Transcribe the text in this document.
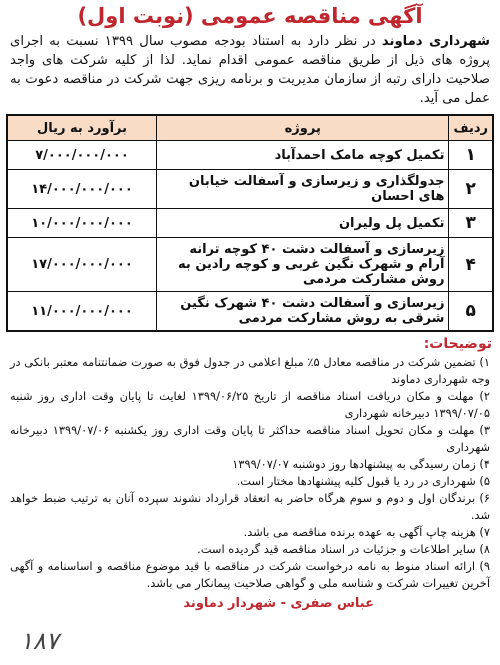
آگهی مناقصه عمومی (نوبت اول)

شهرداری دماوند در نظر دارد به استناد بودجه مصوب سال ۱۳۹۹ نسبت به اجرای پروژه های ذیل از طریق مناقصه عمومی اقدام نماید. لذا از کلیه شرکت های واجد صلاحیت دارای رتبه از سازمان مدیریت و برنامه ریزی جهت شرکت در مناقصه دعوت به عمل می آید.

ردیف	پروژه	برآورد به ریال
۱	تکمیل کوچه مامک احمدآباد	۷/۰۰۰/۰۰۰/۰۰۰
۲	جدولگذاری و زیرسازی و آسفالت خیابان های احسان	۱۴/۰۰۰/۰۰۰/۰۰۰
۳	تکمیل پل ولیران	۱۰/۰۰۰/۰۰۰/۰۰۰
۴	زیرسازی و آسفالت دشت ۴۰ کوچه ترانه آرام و شهرک نگین غربی و کوچه رادین به روش مشارکت مردمی	۱۷/۰۰۰/۰۰۰/۰۰۰
۵	زیرسازی و آسفالت دشت ۴۰ شهرک نگین شرقی به روش مشارکت مردمی	۱۱/۰۰۰/۰۰۰/۰۰۰
توضیحات:
۱) تضمین شرکت در مناقصه معادل ۵٪ مبلغ اعلامی در جدول فوق به صورت ضمانتنامه معتبر بانکی در وجه شهرداری دماوند
۲) مهلت و مکان دریافت اسناد مناقصه از تاریخ ۱۳۹۹/۰۶/۲۵ لغایت تا پایان وقت اداری روز شنبه ۱۳۹۹/۰۷/۰۵ دبیرخانه شهرداری
۳) مهلت و مکان تحویل اسناد مناقصه حداکثر تا پایان وقت اداری روز یکشنبه ۱۳۹۹/۰۷/۰۶ دبیرخانه شهرداری
۴) زمان رسیدگی به پیشنهادها روز دوشنبه ۱۳۹۹/۰۷/۰۷
۵) شهرداری در رد یا قبول کلیه پیشنهادها مختار است.
۶) برندگان اول و دوم و سوم هرگاه حاضر به انعقاد قرارداد نشوند سپرده آنان به ترتیب ضبط خواهد شد.
۷) هزینه چاپ آگهی به عهده برنده مناقصه می باشد.
۸) سایر اطلاعات و جزئیات در اسناد مناقصه قید گردیده است.
۹) ارائه اسناد منوط به نامه درخواست شرکت در مناقصه با قید موضوع مناقصه و اساسنامه و آگهی آخرین تغییرات شرکت و شناسه ملی و گواهی صلاحیت پیمانکار می باشد.
عباس صفری - شهردار دماوند
۱۸۷
